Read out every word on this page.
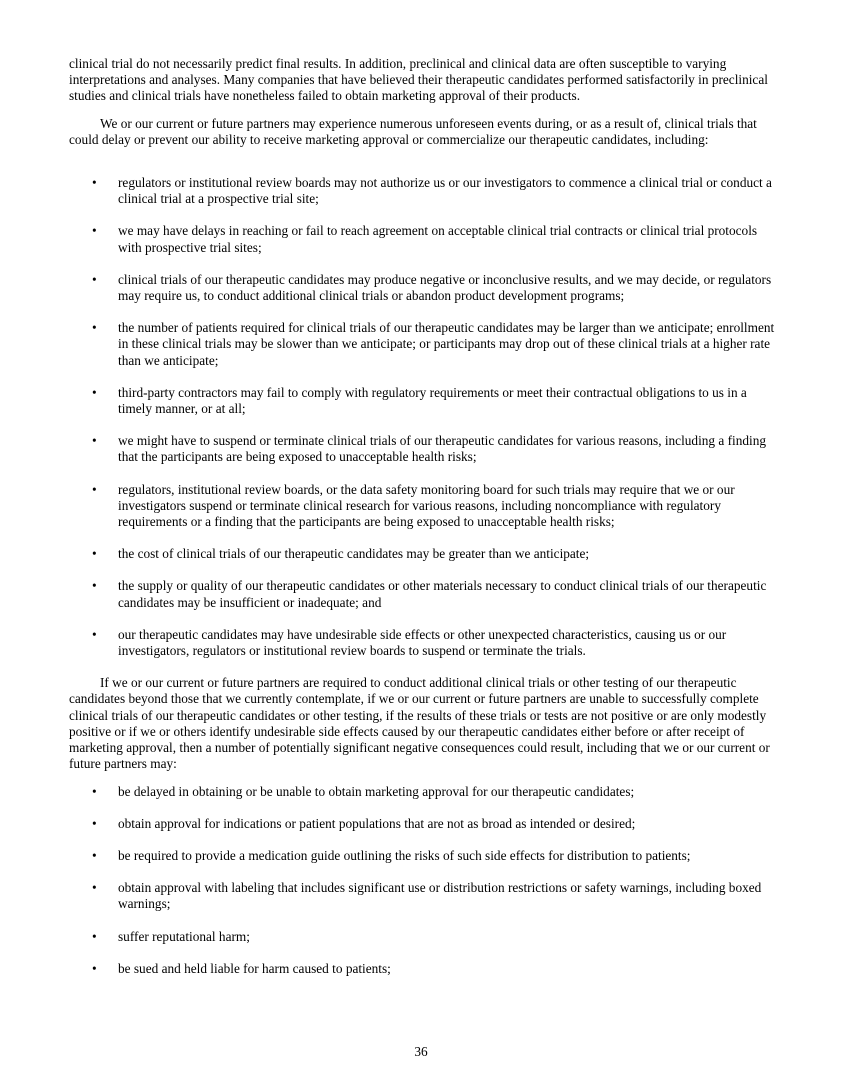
clinical trial do not necessarily predict final results. In addition, preclinical and clinical data are often susceptible to varying interpretations and analyses. Many companies that have believed their therapeutic candidates performed satisfactorily in preclinical studies and clinical trials have nonetheless failed to obtain marketing approval of their products.

We or our current or future partners may experience numerous unforeseen events during, or as a result of, clinical trials that could delay or prevent our ability to receive marketing approval or commercialize our therapeutic candidates, including:

• regulators or institutional review boards may not authorize us or our investigators to commence a clinical trial or conduct a clinical trial at a prospective trial site;
• we may have delays in reaching or fail to reach agreement on acceptable clinical trial contracts or clinical trial protocols with prospective trial sites;
• clinical trials of our therapeutic candidates may produce negative or inconclusive results, and we may decide, or regulators may require us, to conduct additional clinical trials or abandon product development programs;
• the number of patients required for clinical trials of our therapeutic candidates may be larger than we anticipate; enrollment in these clinical trials may be slower than we anticipate; or participants may drop out of these clinical trials at a higher rate than we anticipate;
• third-party contractors may fail to comply with regulatory requirements or meet their contractual obligations to us in a timely manner, or at all;
• we might have to suspend or terminate clinical trials of our therapeutic candidates for various reasons, including a finding that the participants are being exposed to unacceptable health risks;
• regulators, institutional review boards, or the data safety monitoring board for such trials may require that we or our investigators suspend or terminate clinical research for various reasons, including noncompliance with regulatory requirements or a finding that the participants are being exposed to unacceptable health risks;
• the cost of clinical trials of our therapeutic candidates may be greater than we anticipate;
• the supply or quality of our therapeutic candidates or other materials necessary to conduct clinical trials of our therapeutic candidates may be insufficient or inadequate; and
• our therapeutic candidates may have undesirable side effects or other unexpected characteristics, causing us or our investigators, regulators or institutional review boards to suspend or terminate the trials.

If we or our current or future partners are required to conduct additional clinical trials or other testing of our therapeutic candidates beyond those that we currently contemplate, if we or our current or future partners are unable to successfully complete clinical trials of our therapeutic candidates or other testing, if the results of these trials or tests are not positive or are only modestly positive or if we or others identify undesirable side effects caused by our therapeutic candidates either before or after receipt of marketing approval, then a number of potentially significant negative consequences could result, including that we or our current or future partners may:

• be delayed in obtaining or be unable to obtain marketing approval for our therapeutic candidates;
• obtain approval for indications or patient populations that are not as broad as intended or desired;
• be required to provide a medication guide outlining the risks of such side effects for distribution to patients;
• obtain approval with labeling that includes significant use or distribution restrictions or safety warnings, including boxed warnings;
• suffer reputational harm;
• be sued and held liable for harm caused to patients;
36
